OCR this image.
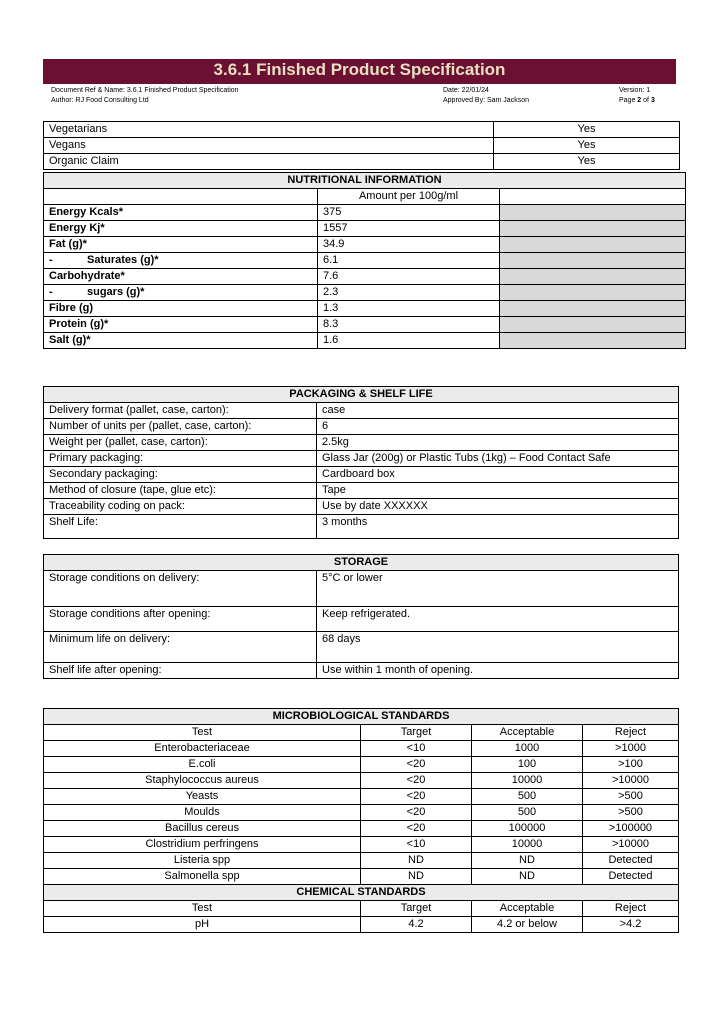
3.6.1 Finished Product Specification
Document Ref & Name: 3.6.1 Finished Product Specification
Author: RJ Food Consulting Ltd
Date: 22/01/24
Approved By: Sam Jackson
Version: 1
Page 2 of 3
Vegetarians	Yes
Vegans	Yes
Organic Claim	Yes
NUTRITIONAL INFORMATION		
	Amount per 100g/ml	
Energy Kcals*	375	
Energy Kj*	1557	
Fat (g)*	34.9	
- Saturates (g)*	6.1	
Carbohydrate*	7.6	
- sugars (g)*	2.3	
Fibre (g)	1.3	
Protein (g)*	8.3	
Salt (g)*	1.6	
PACKAGING & SHELF LIFE	
Delivery format (pallet, case, carton):	case
Number of units per (pallet, case, carton):	6
Weight per (pallet, case, carton):	2.5kg
Primary packaging:	Glass Jar (200g) or Plastic Tubs (1kg) – Food Contact Safe
Secondary packaging:	Cardboard box
Method of closure (tape, glue etc):	Tape
Traceability coding on pack:	Use by date XXXXXX
Shelf Life:	3 months
STORAGE	
Storage conditions on delivery:	5°C or lower
Storage conditions after opening:	Keep refrigerated.
Minimum life on delivery:	68 days
Shelf life after opening:	Use within 1 month of opening.
MICROBIOLOGICAL STANDARDS			
Test	Target	Acceptable	Reject
Enterobacteriaceae	<10	1000	>1000
E.coli	<20	100	>100
Staphylococcus aureus	<20	10000	>10000
Yeasts	<20	500	>500
Moulds	<20	500	>500
Bacillus cereus	<20	100000	>100000
Clostridium perfringens	<10	10000	>10000
Listeria spp	ND	ND	Detected
Salmonella spp	ND	ND	Detected
CHEMICAL STANDARDS			
Test	Target	Acceptable	Reject
pH	4.2	4.2 or below	>4.2
